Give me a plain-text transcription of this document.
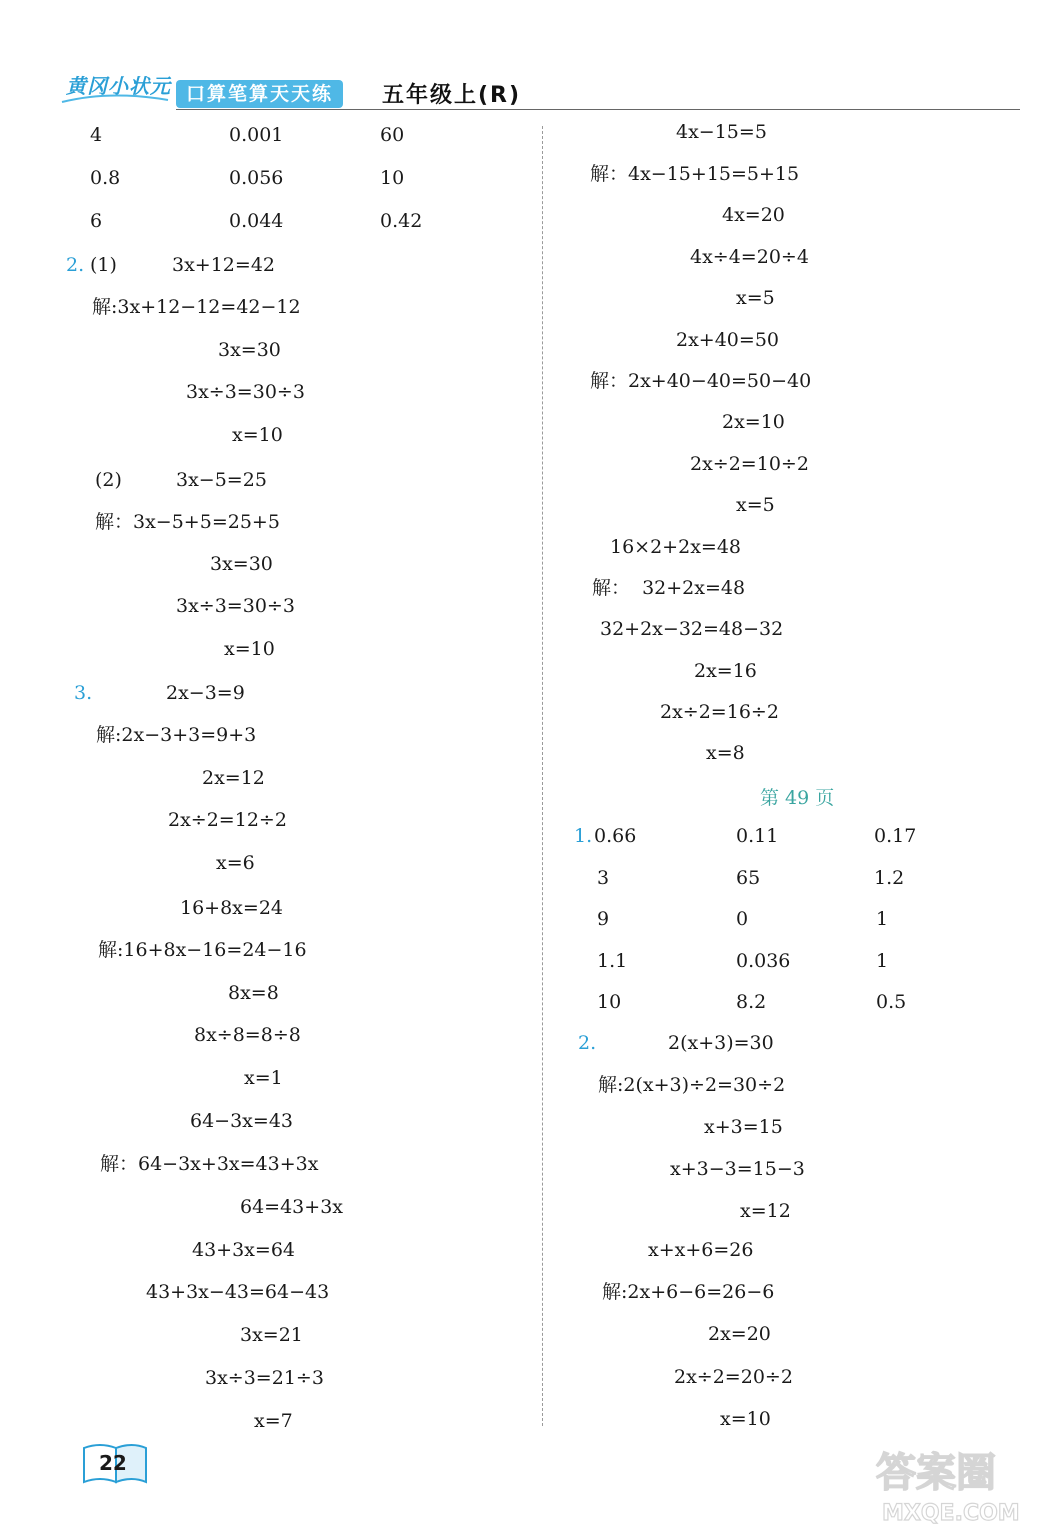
黄冈小状元 口算笔算天天练	五年级上(R)
4	0.001	60
0.8	0.056	10
6	0.044	0.42
2. (1)	3x+12=42
解:3x+12−12=42−12
3x=30
3x÷3=30÷3
x=10
(2)	3x−5=25
解：3x−5+5=25+5
3x=30
3x÷3=30÷3
x=10
3.	2x−3=9
解:2x−3+3=9+3
2x=12
2x÷2=12÷2
x=6
16+8x=24
解:16+8x−16=24−16
8x=8
8x÷8=8÷8
x=1
64−3x=43
解：64−3x+3x=43+3x
64=43+3x
43+3x=64
43+3x−43=64−43
3x=21
3x÷3=21÷3
x=7
4x−15=5
解：4x−15+15=5+15
4x=20
4x÷4=20÷4
x=5
2x+40=50
解：2x+40−40=50−40
2x=10
2x÷2=10÷2
x=5
16×2+2x=48
解：  32+2x=48
32+2x−32=48−32
2x=16
2x÷2=16÷2
x=8
第 49 页
1. 0.66	0.11	0.17
3	65	1.2
9	0	1
1.1	0.036	1
10	8.2	0.5
2.	2(x+3)=30
解:2(x+3)÷2=30÷2
x+3=15
x+3−3=15−3
x=12
x+x+6=26
解:2x+6−6=26−6
2x=20
2x÷2=20÷2
x=10
22	答案圈
MXQE.COM
